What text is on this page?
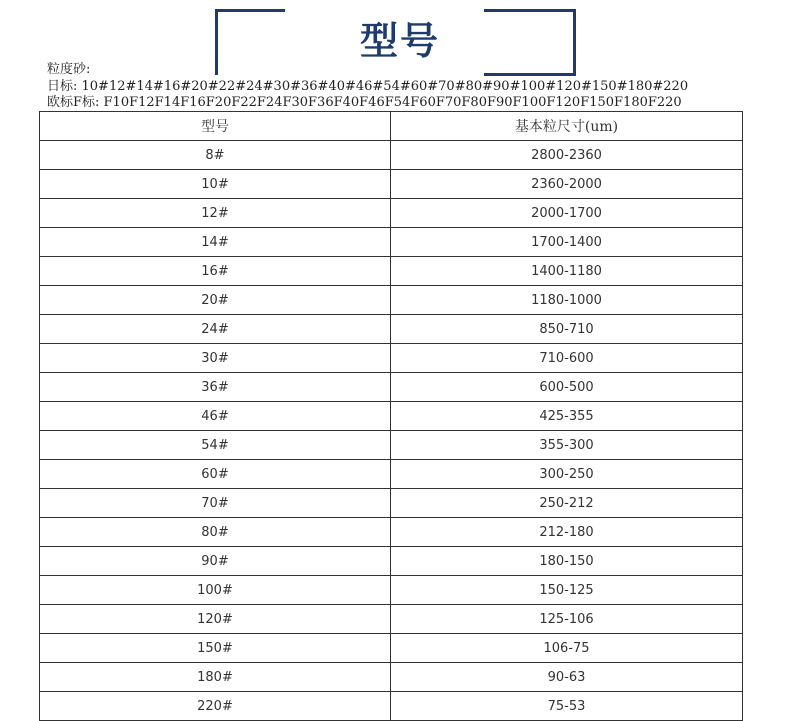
型号
粒度砂:
日标: 10#12#14#16#20#22#24#30#36#40#46#54#60#70#80#90#100#120#150#180#220
欧标F标: F10F12F14F16F20F22F24F30F36F40F46F54F60F70F80F90F100F120F150F180F220
型号	基本粒尺寸(um)
8#	2800-2360
10#	2360-2000
12#	2000-1700
14#	1700-1400
16#	1400-1180
20#	1180-1000
24#	850-710
30#	710-600
36#	600-500
46#	425-355
54#	355-300
60#	300-250
70#	250-212
80#	212-180
90#	180-150
100#	150-125
120#	125-106
150#	106-75
180#	90-63
220#	75-53
